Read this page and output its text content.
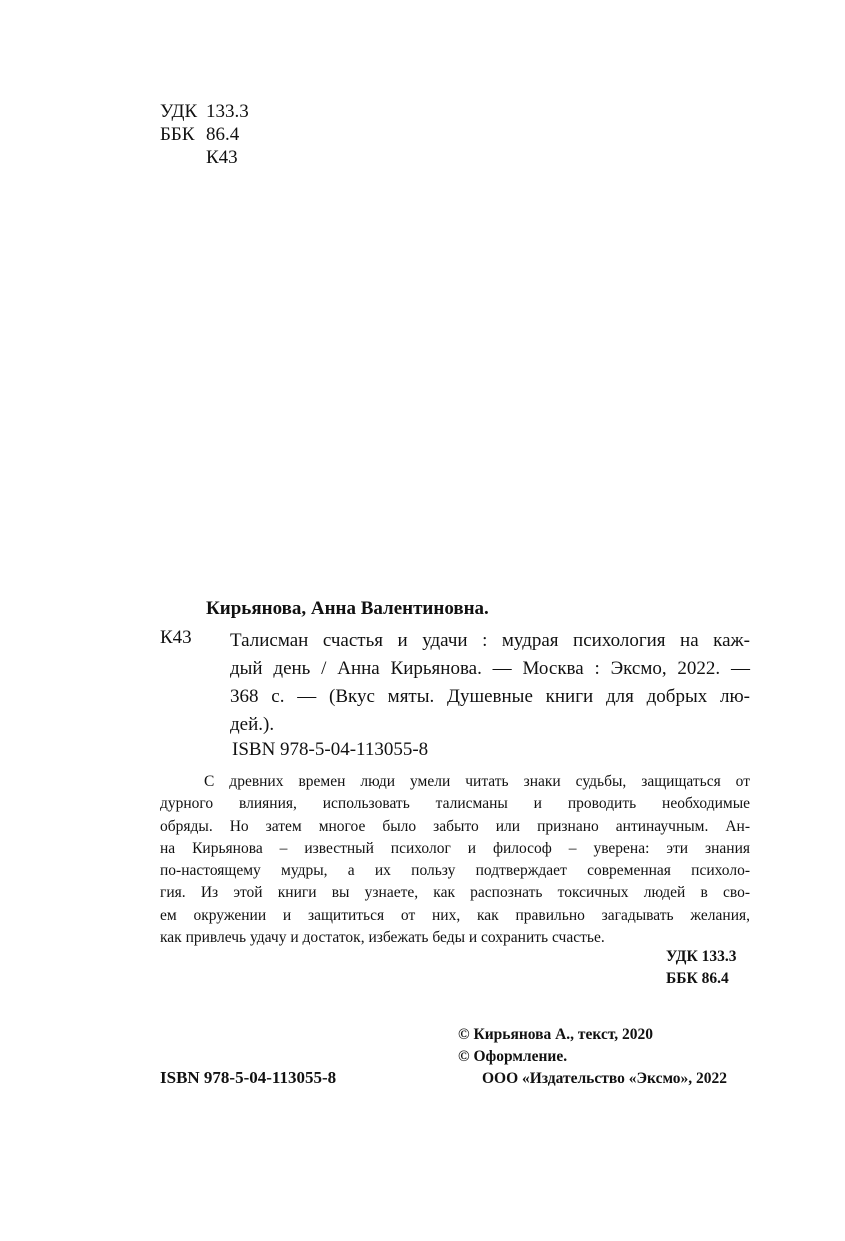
УДК 133.3
ББК 86.4
К43
Кирьянова, Анна Валентиновна.
К43 Талисман счастья и удачи : мудрая психология на каж-
дый день / Анна Кирьянова. — Москва : Эксмо, 2022. —
368 с. — (Вкус мяты. Душевные книги для добрых лю-
дей.).
ISBN 978-5-04-113055-8
С древних времен люди умели читать знаки судьбы, защищаться от
дурного влияния, использовать талисманы и проводить необходимые
обряды. Но затем многое было забыто или признано антинаучным. Ан-
на Кирьянова – известный психолог и философ – уверена: эти знания
по-настоящему мудры, а их пользу подтверждает современная психоло-
гия. Из этой книги вы узнаете, как распознать токсичных людей в сво-
ем окружении и защититься от них, как правильно загадывать желания,
как привлечь удачу и достаток, избежать беды и сохранить счастье.
УДК 133.3
ББК 86.4
© Кирьянова А., текст, 2020
© Оформление.
ООО «Издательство «Эксмо», 2022
ISBN 978-5-04-113055-8
